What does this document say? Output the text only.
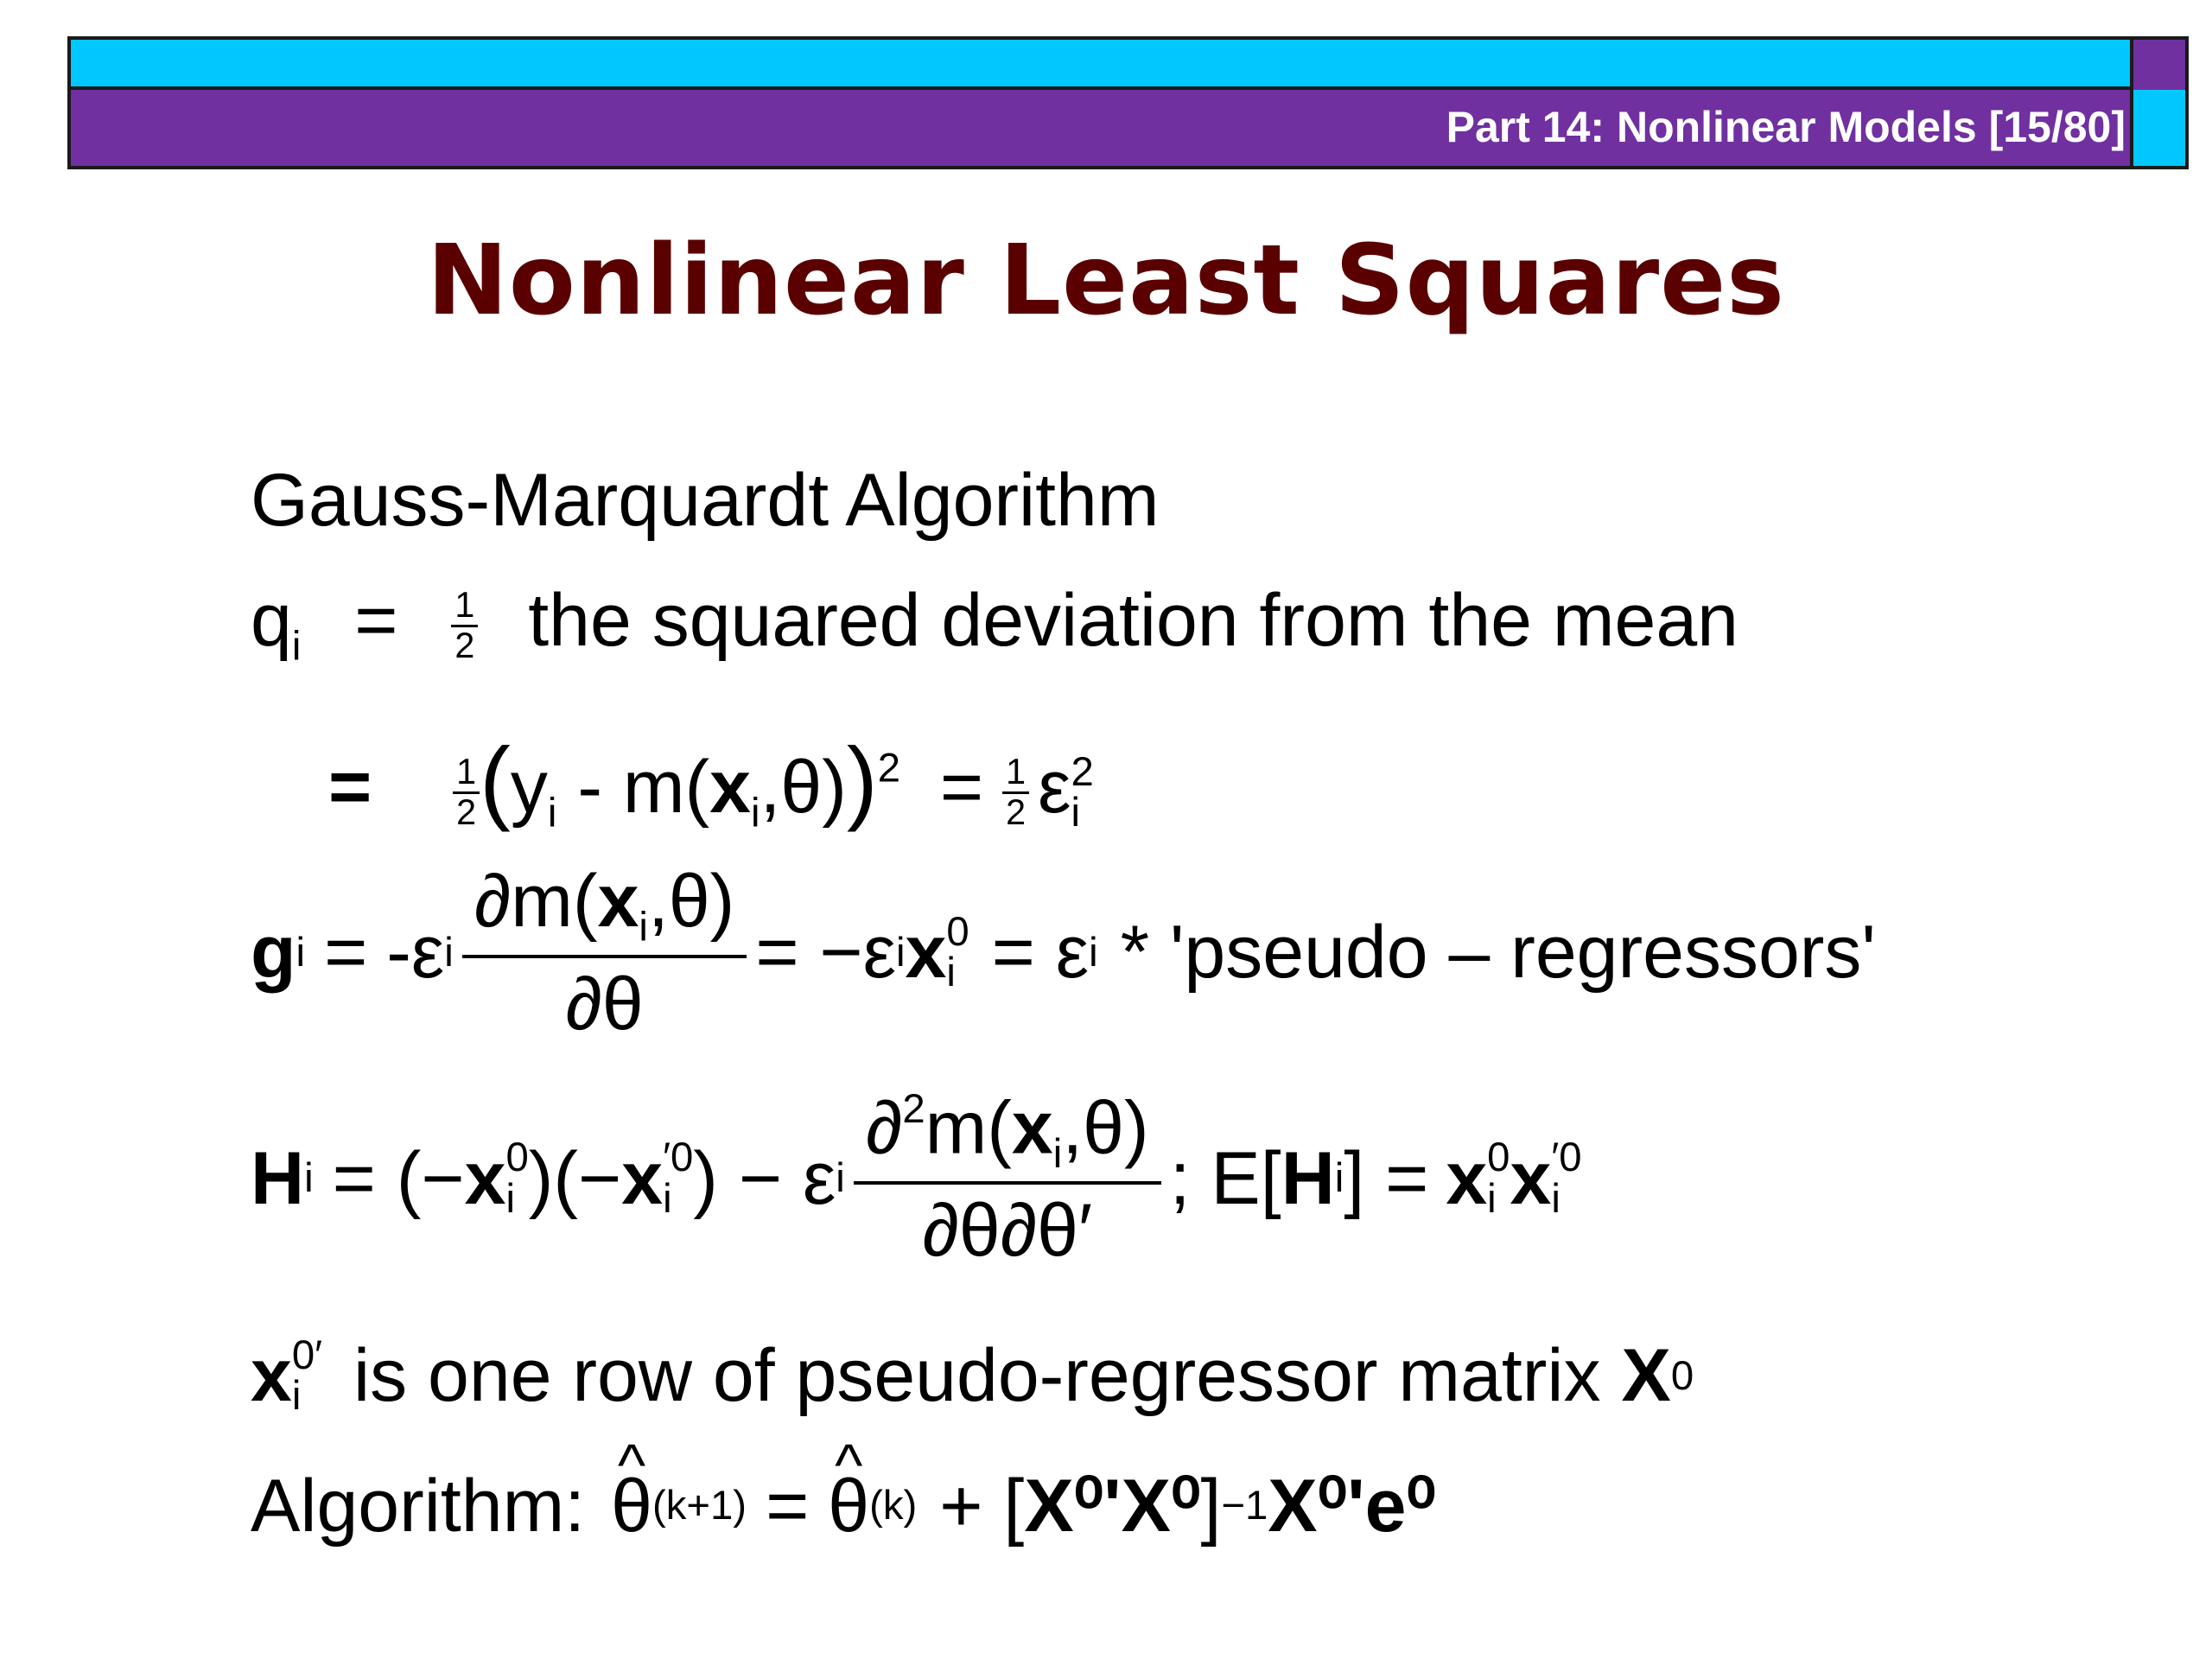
Part 14: Nonlinear Models [15/80]
Nonlinear Least Squares
Gauss-Marquardt Algorithm
$q_i = \frac{1}{2}$ the squared deviation from the mean
= $\frac{1}{2} (y_i - m(x_i,\theta))^2 = \frac{1}{2}$ ε 2
i
g i = -ε i $\frac{\partial m(x_i,\theta)}{\partial\theta} = -\varepsilon$ i x 0
i = ε i * 'pseudo – regressors'
H i = (− x 0
i )(− x ′0
i ) − ε i $\frac{\partial^2m(x_i,\theta)}{\partial\theta\partial\theta'}$ ; E[ H i ] = x 0
i x ′0
i
x 0′
i is one row of pseudo-regressor matrix X 0
Algorithm: ^ θ (k+1) = ^ θ (k) + [ X⁰'X⁰ ] −1 X⁰'e⁰
